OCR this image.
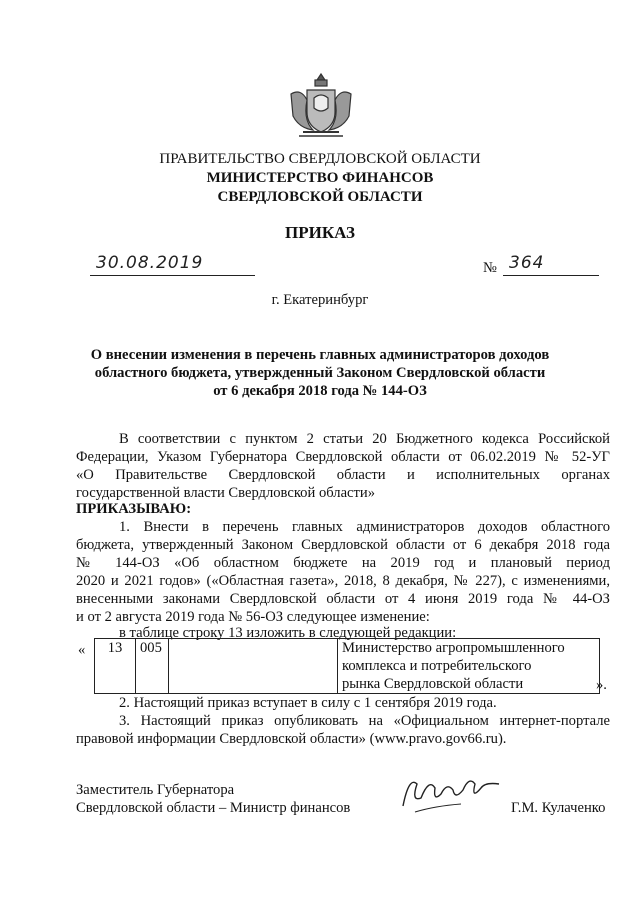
ПРАВИТЕЛЬСТВО СВЕРДЛОВСКОЙ ОБЛАСТИ
МИНИСТЕРСТВО ФИНАНСОВ
СВЕРДЛОВСКОЙ ОБЛАСТИ
ПРИКАЗ
30.08.2019	№ 364
г. Екатеринбург
О внесении изменения в перечень главных администраторов доходов
областного бюджета, утвержденный Законом Свердловской области
от 6 декабря 2018 года № 144-ОЗ
В соответствии с пунктом 2 статьи 20 Бюджетного кодекса Российской
Федерации, Указом Губернатора Свердловской области от 06.02.2019 № 52-УГ
«О Правительстве Свердловской области и исполнительных органах
государственной власти Свердловской области»
ПРИКАЗЫВАЮ:
1. Внести в перечень главных администраторов доходов областного
бюджета, утвержденный Законом Свердловской области от 6 декабря 2018 года
№ 144-ОЗ «Об областном бюджете на 2019 год и плановый период
2020 и 2021 годов» («Областная газета», 2018, 8 декабря, № 227), с изменениями,
внесенными законами Свердловской области от 4 июня 2019 года № 44-ОЗ
и от 2 августа 2019 года № 56-ОЗ следующее изменение:
в таблице строку 13 изложить в следующей редакции:
« 13	005		Министерство агропромышленного
комплекса и потребительского
рынка Свердловской области	».
2. Настоящий приказ вступает в силу с 1 сентября 2019 года.
3. Настоящий приказ опубликовать на «Официальном интернет-портале
правовой информации Свердловской области» (www.pravo.gov66.ru).
Заместитель Губернатора
Свердловской области – Министр финансов	Г.М. Кулаченко
